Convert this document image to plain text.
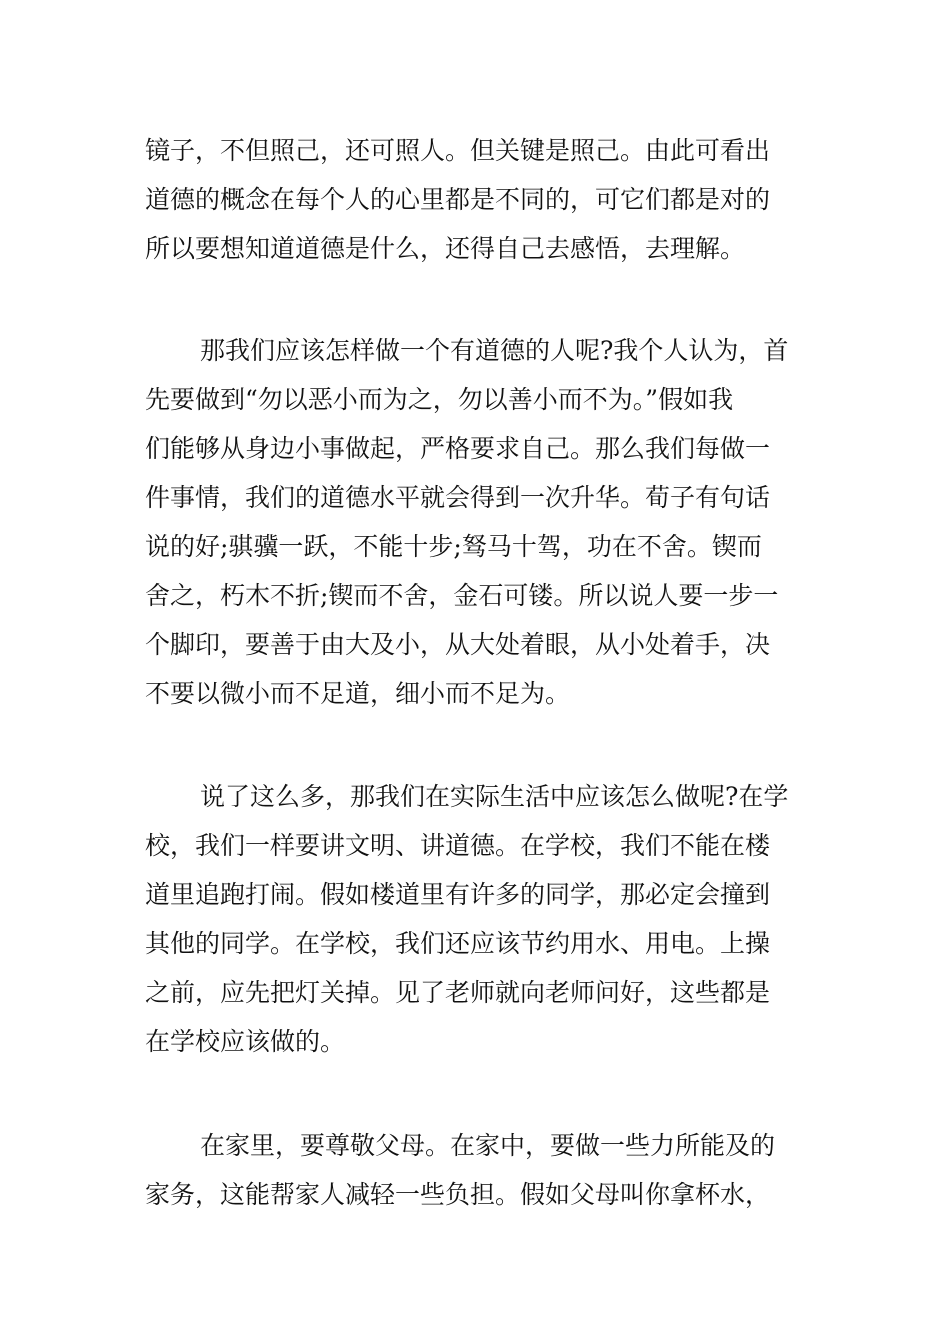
镜子，不但照己，还可照人。但关键是照己。由此可看出
道德的概念在每个人的心里都是不同的，可它们都是对的
所以要想知道道德是什么，还得自己去感悟，去理解。
那我们应该怎样做一个有道德的人呢?我个人认为，首
先要做到“勿以恶小而为之，勿以善小而不为。”假如我
们能够从身边小事做起，严格要求自己。那么我们每做一
件事情，我们的道德水平就会得到一次升华。荀子有句话
说的好;骐骥一跃，不能十步;驽马十驾，功在不舍。锲而
舍之，朽木不折;锲而不舍，金石可镂。所以说人要一步一
个脚印，要善于由大及小，从大处着眼，从小处着手，决
不要以微小而不足道，细小而不足为。
说了这么多，那我们在实际生活中应该怎么做呢?在学
校，我们一样要讲文明、讲道德。在学校，我们不能在楼
道里追跑打闹。假如楼道里有许多的同学，那必定会撞到
其他的同学。在学校，我们还应该节约用水、用电。上操
之前，应先把灯关掉。见了老师就向老师问好，这些都是
在学校应该做的。
在家里，要尊敬父母。在家中，要做一些力所能及的
家务，这能帮家人减轻一些负担。假如父母叫你拿杯水，
